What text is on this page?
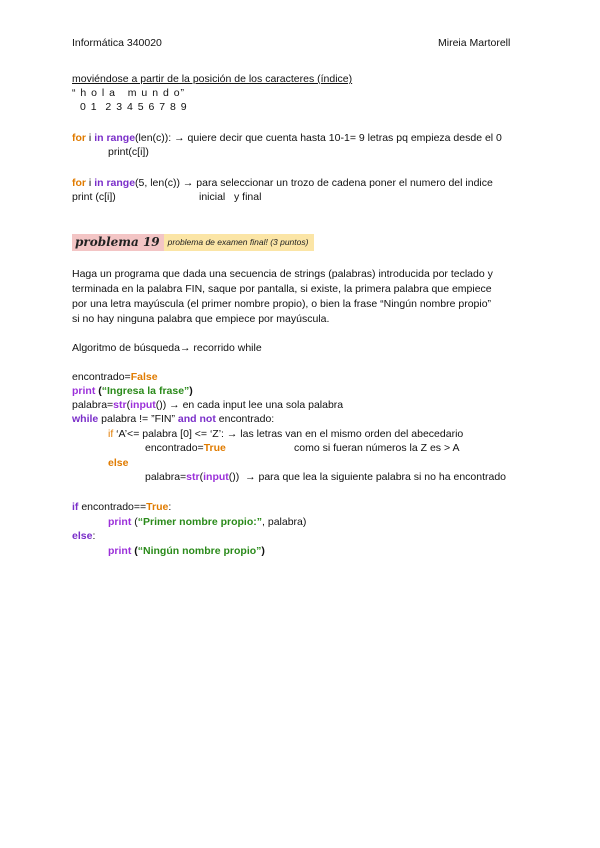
Informática 340020	Mireia Martorell
moviéndose a partir de la posición de los caracteres (índice)
“ h o l a   m u n d o”
0 1  2 3 4 5 6 7 8 9
for i in range(len(c)): → quiere decir que cuenta hasta 10-1= 9 letras pq empieza desde el 0
print(c[i])
for i in range(5, len(c)) → para seleccionar un trozo de cadena poner el numero del indice
print (c[i])	inicial   y final
problema 19 problema de examen final! (3 puntos)
Haga un programa que dada una secuencia de strings (palabras) introducida por teclado y
terminada en la palabra FIN, saque por pantalla, si existe, la primera palabra que empiece
por una letra mayúscula (el primer nombre propio), o bien la frase “Ningún nombre propio”
si no hay ninguna palabra que empiece por mayúscula.
Algoritmo de búsqueda→ recorrido while
encontrado=False
print (“Ingresa la frase”)
palabra=str(input()) → en cada input lee una sola palabra
while palabra != ”FIN” and not encontrado:
if ‘A’<= palabra [0] <= ‘Z’: → las letras van en el mismo orden del abecedario
encontrado=True	como si fueran números la Z es > A
else
palabra=str(input())  → para que lea la siguiente palabra si no ha encontrado
if encontrado==True:
print (“Primer nombre propio:”, palabra)
else:
print (“Ningún nombre propio”)
